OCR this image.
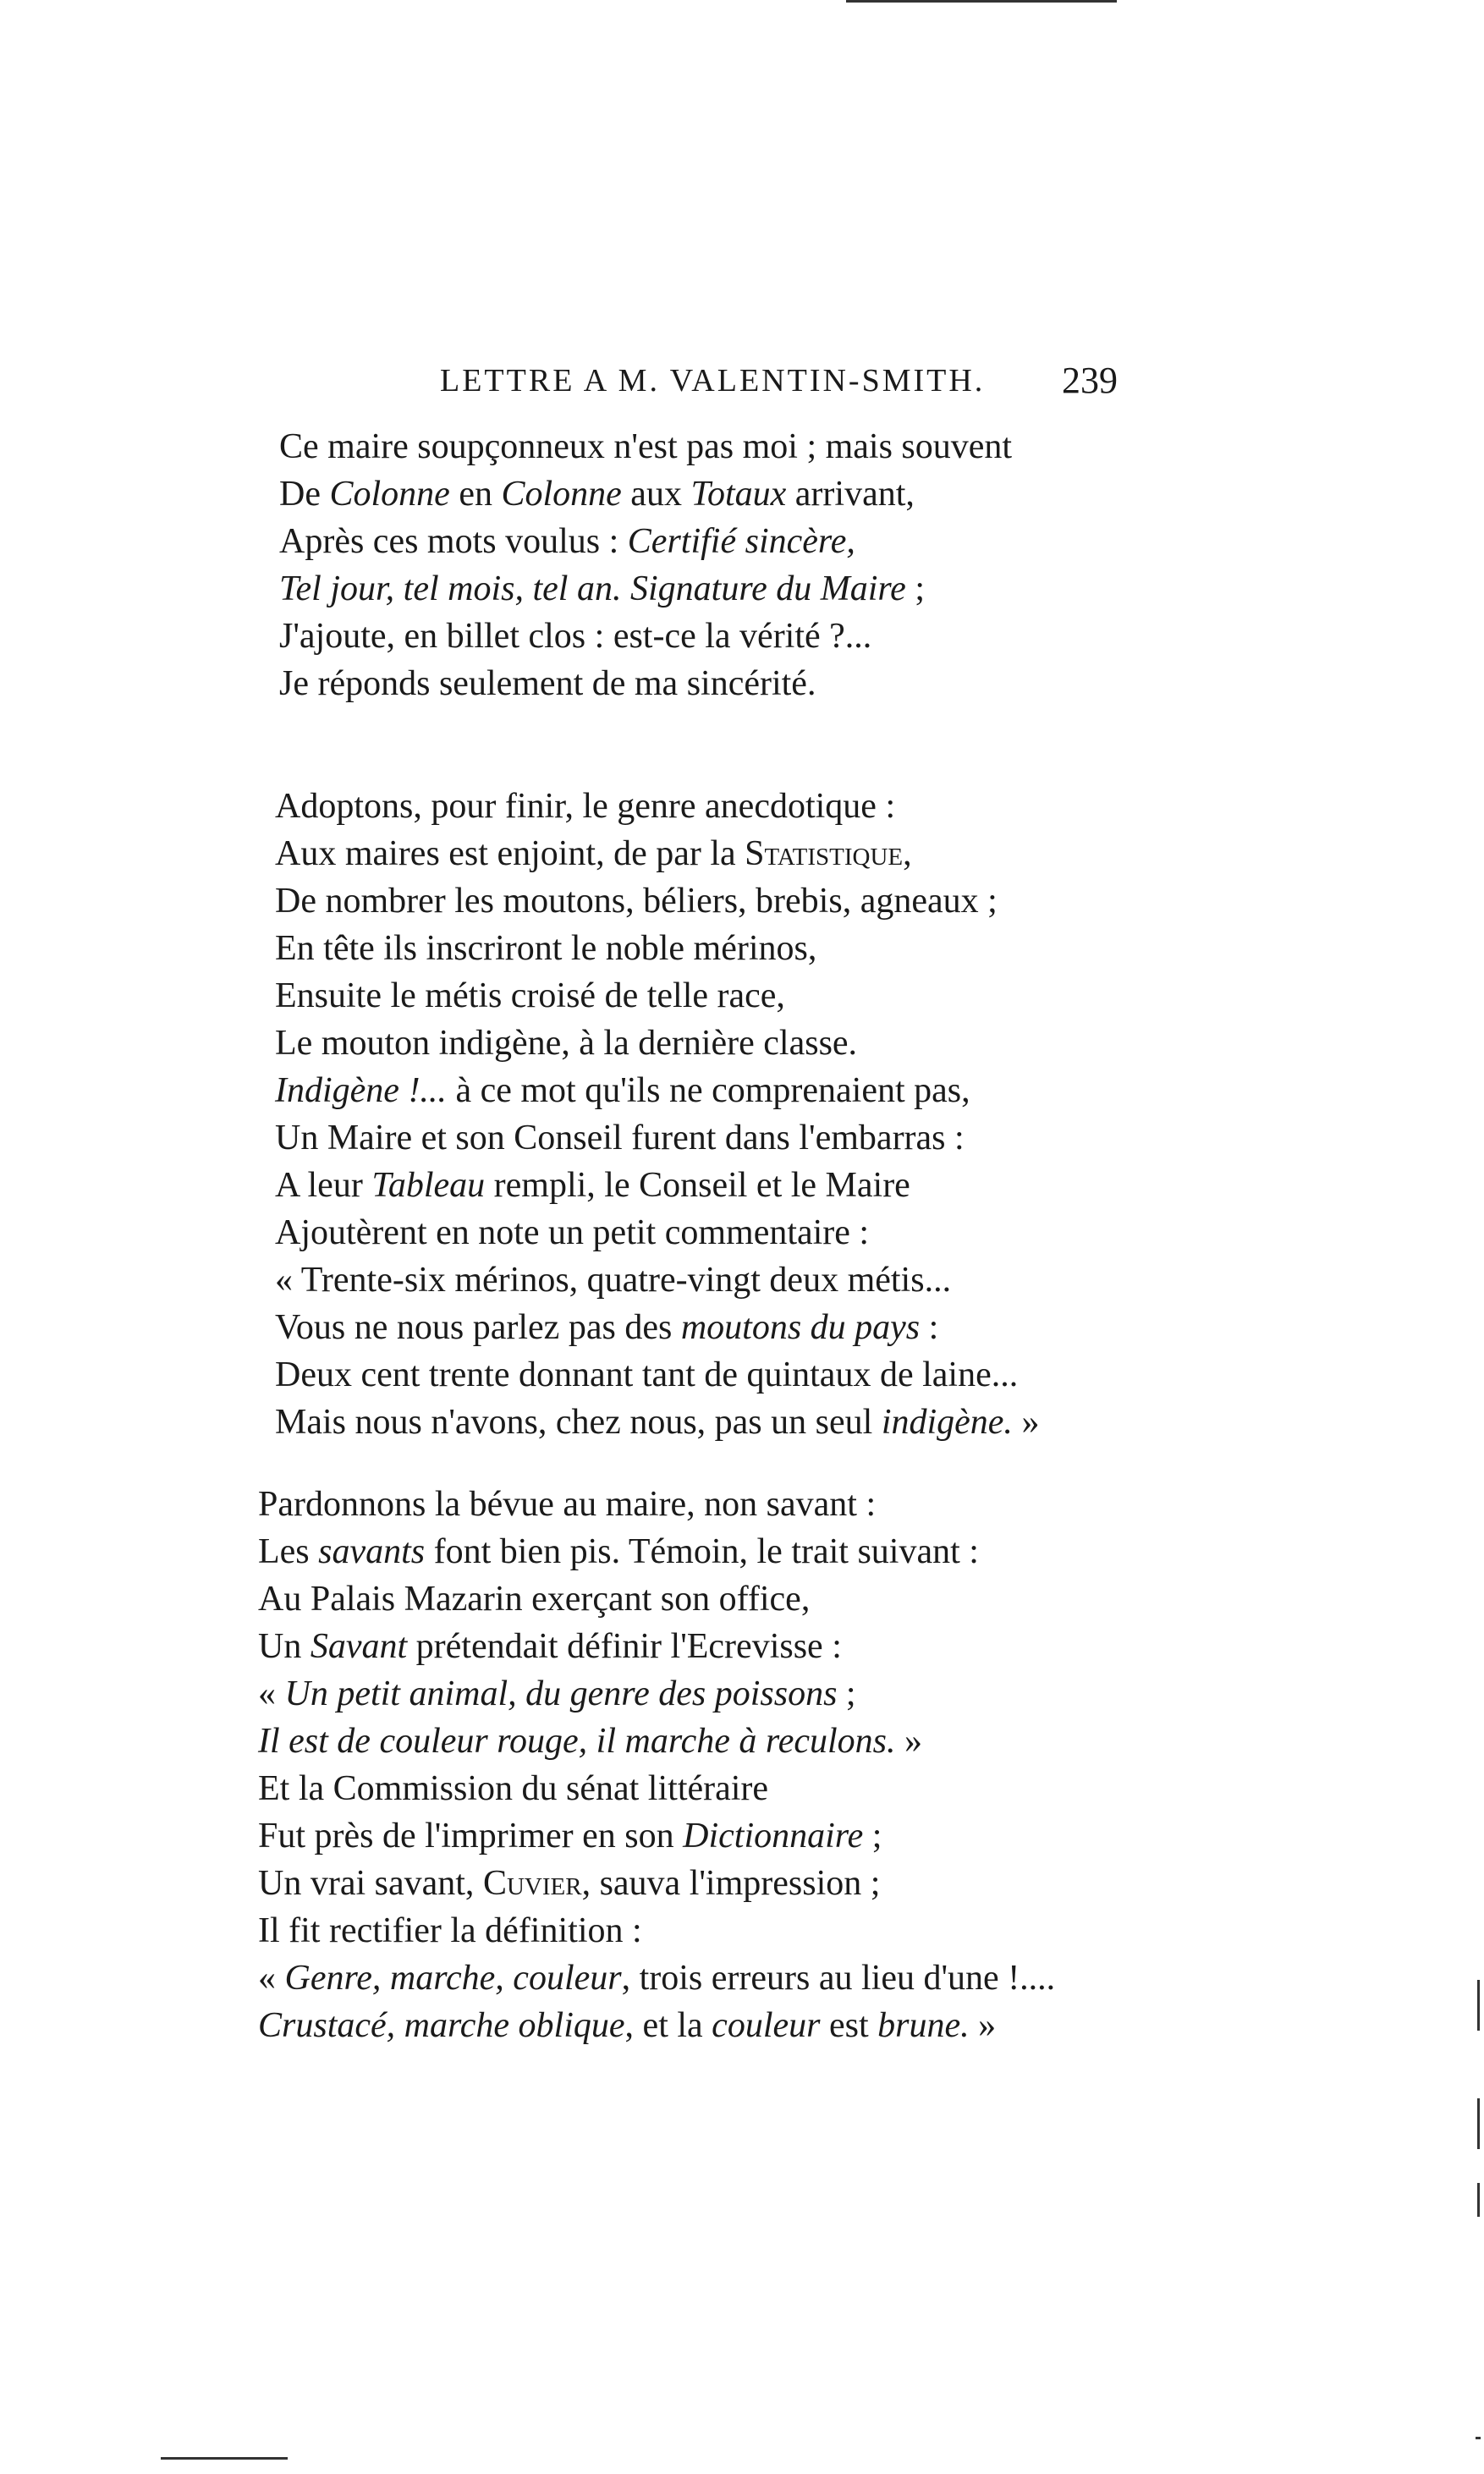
LETTRE A M. VALENTIN-SMITH. 239
Ce maire soupçonneux n'est pas moi ; mais souvent
De Colonne en Colonne aux Totaux arrivant,
Après ces mots voulus : Certifié sincère,
Tel jour, tel mois, tel an. Signature du Maire ;
J'ajoute, en billet clos : est-ce la vérité ?...
Je réponds seulement de ma sincérité.
Adoptons, pour finir, le genre anecdotique :
Aux maires est enjoint, de par la Statistique,
De nombrer les moutons, béliers, brebis, agneaux ;
En tête ils inscriront le noble mérinos,
Ensuite le métis croisé de telle race,
Le mouton indigène, à la dernière classe.
Indigène !... à ce mot qu'ils ne comprenaient pas,
Un Maire et son Conseil furent dans l'embarras :
A leur Tableau rempli, le Conseil et le Maire
Ajoutèrent en note un petit commentaire :
« Trente-six mérinos, quatre-vingt deux métis...
Vous ne nous parlez pas des moutons du pays :
Deux cent trente donnant tant de quintaux de laine...
Mais nous n'avons, chez nous, pas un seul indigène. »
Pardonnons la bévue au maire, non savant :
Les savants font bien pis. Témoin, le trait suivant :
Au Palais Mazarin exerçant son office,
Un Savant prétendait définir l'Ecrevisse :
« Un petit animal, du genre des poissons ;
Il est de couleur rouge, il marche à reculons. »
Et la Commission du sénat littéraire
Fut près de l'imprimer en son Dictionnaire ;
Un vrai savant, Cuvier, sauva l'impression ;
Il fit rectifier la définition :
« Genre, marche, couleur, trois erreurs au lieu d'une !....
Crustacé, marche oblique, et la couleur est brune. »
